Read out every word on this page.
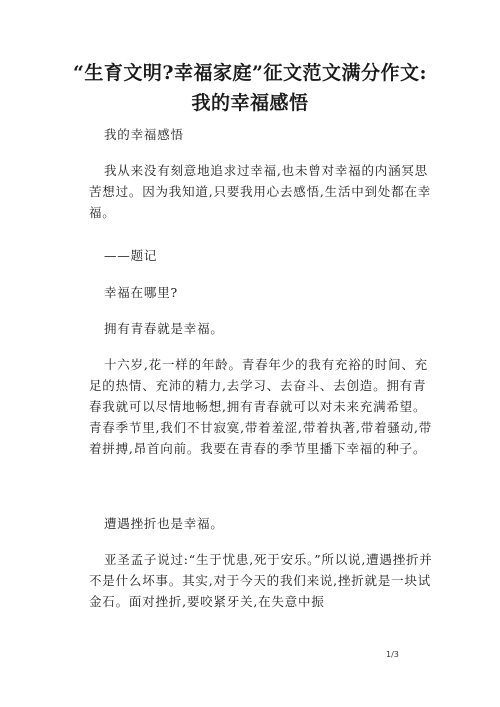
“生育文明?幸福家庭”征文范文满分作文:
我的幸福感悟

我的幸福感悟

我从来没有刻意地追求过幸福,也未曾对幸福的内涵冥思苦想过。因为我知道,只要我用心去感悟,生活中到处都在幸福。

——题记

幸福在哪里?

拥有青春就是幸福。

十六岁,花一样的年龄。青春年少的我有充裕的时间、充足的热情、充沛的精力,去学习、去奋斗、去创造。拥有青春我就可以尽情地畅想,拥有青春就可以对未来充满希望。青春季节里,我们不甘寂寞,带着羞涩,带着执著,带着骚动,带着拼搏,昂首向前。我要在青春的季节里播下幸福的种子。

遭遇挫折也是幸福。

亚圣孟子说过:“生于忧患,死于安乐。”所以说,遭遇挫折并不是什么坏事。其实,对于今天的我们来说,挫折就是一块试金石。面对挫折,要咬紧牙关,在失意中振

1/3
